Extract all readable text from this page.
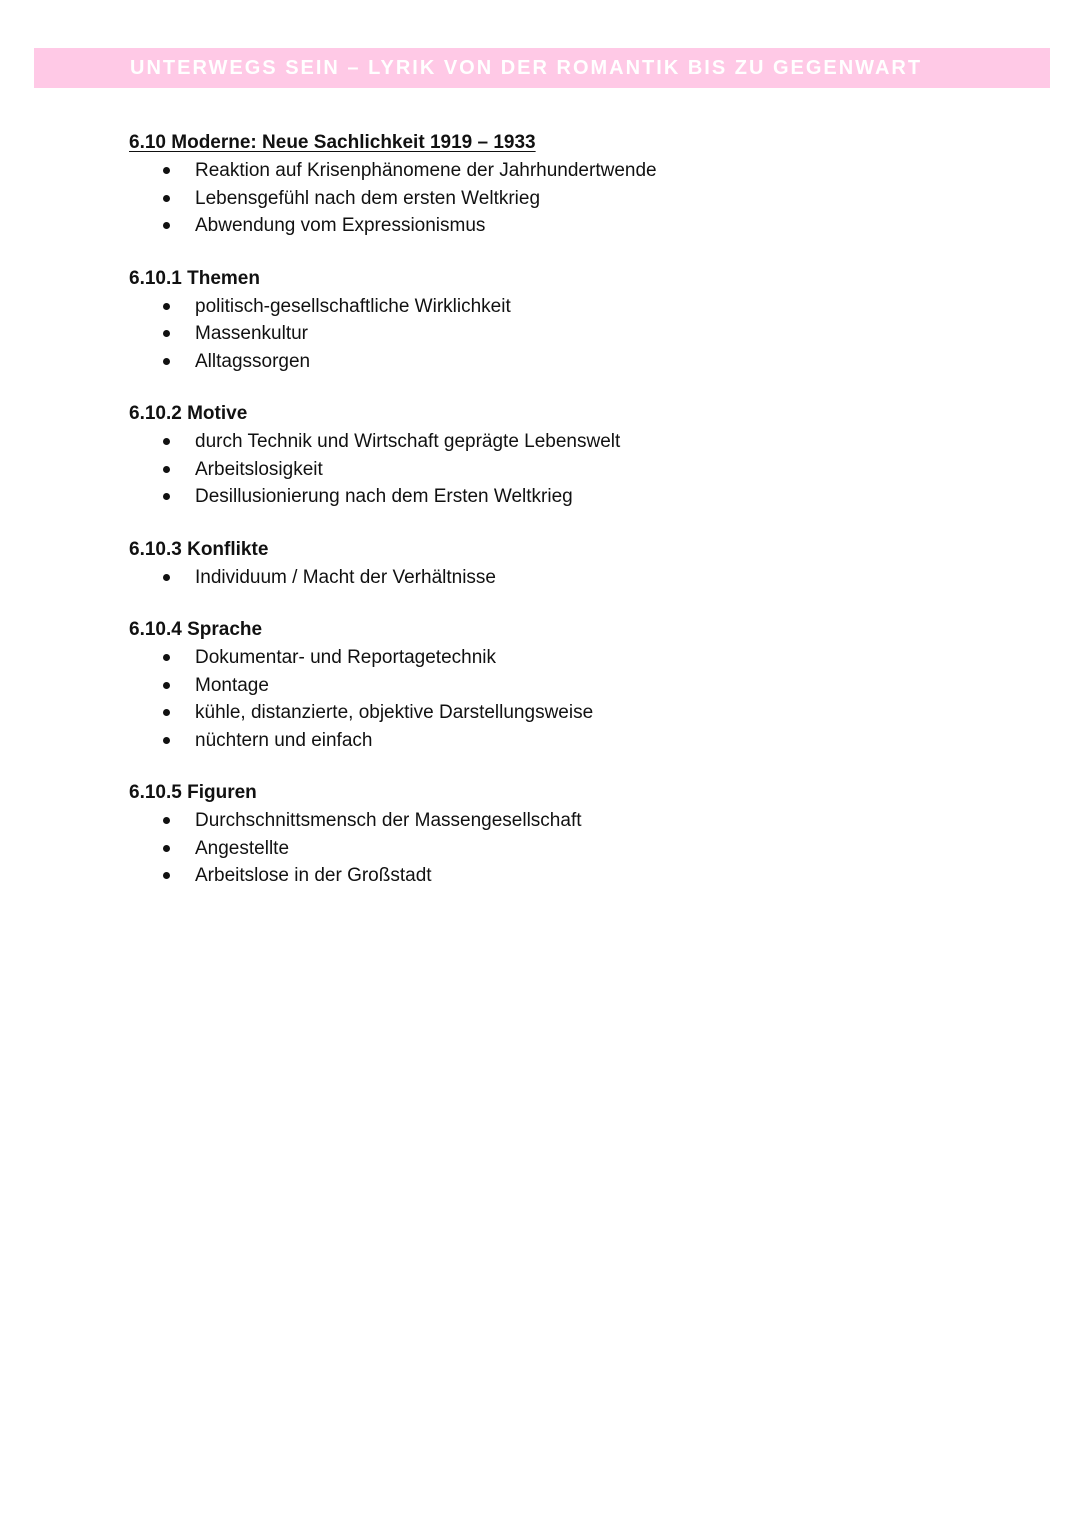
UNTERWEGS SEIN – LYRIK VON DER ROMANTIK BIS ZU GEGENWART
6.10 Moderne: Neue Sachlichkeit 1919 – 1933
Reaktion auf Krisenphänomene der Jahrhundertwende
Lebensgefühl nach dem ersten Weltkrieg
Abwendung vom Expressionismus
6.10.1 Themen
politisch-gesellschaftliche Wirklichkeit
Massenkultur
Alltagssorgen
6.10.2 Motive
durch Technik und Wirtschaft geprägte Lebenswelt
Arbeitslosigkeit
Desillusionierung nach dem Ersten Weltkrieg
6.10.3 Konflikte
Individuum / Macht der Verhältnisse
6.10.4 Sprache
Dokumentar- und Reportagetechnik
Montage
kühle, distanzierte, objektive Darstellungsweise
nüchtern und einfach
6.10.5 Figuren
Durchschnittsmensch der Massengesellschaft
Angestellte
Arbeitslose in der Großstadt
